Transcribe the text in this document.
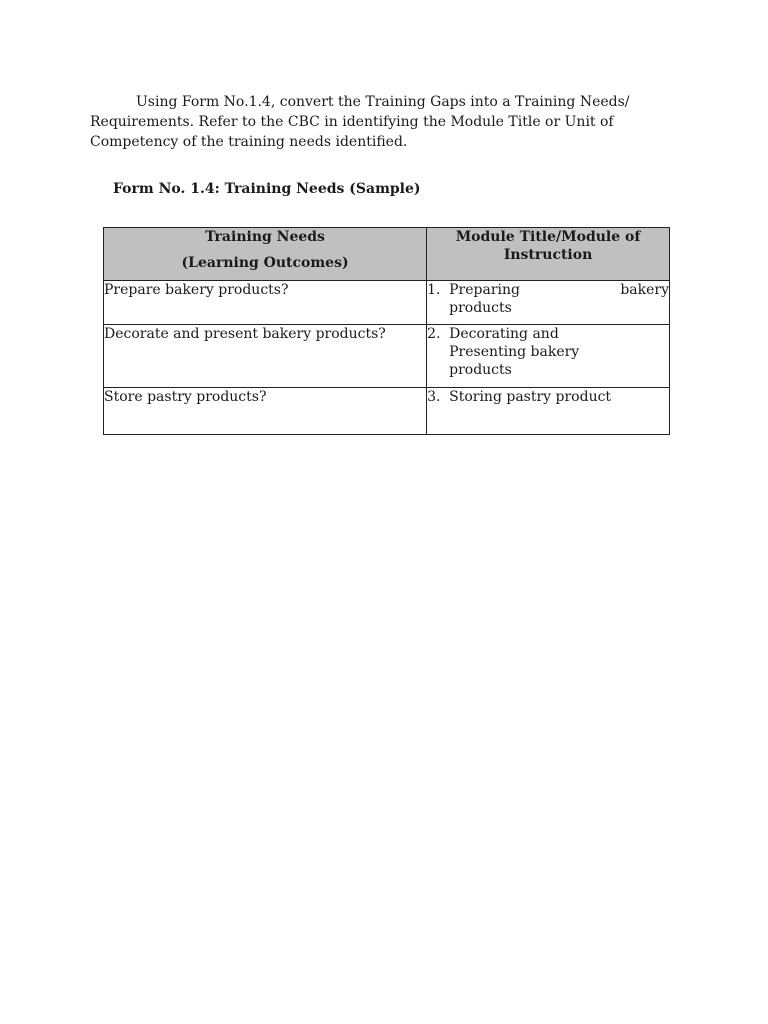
Using Form No.1.4, convert the Training Gaps into a Training Needs/ Requirements. Refer to the CBC in identifying the Module Title or Unit of Competency of the training needs identified.

Form No. 1.4: Training Needs (Sample)

Training Needs
(Learning Outcomes)	Module Title/Module of Instruction
Prepare bakery products?	1. Preparing bakery
products

Decorate and present bakery products?	2. Decorating and Presenting bakery products

Store pastry products?	3. Storing pastry product
